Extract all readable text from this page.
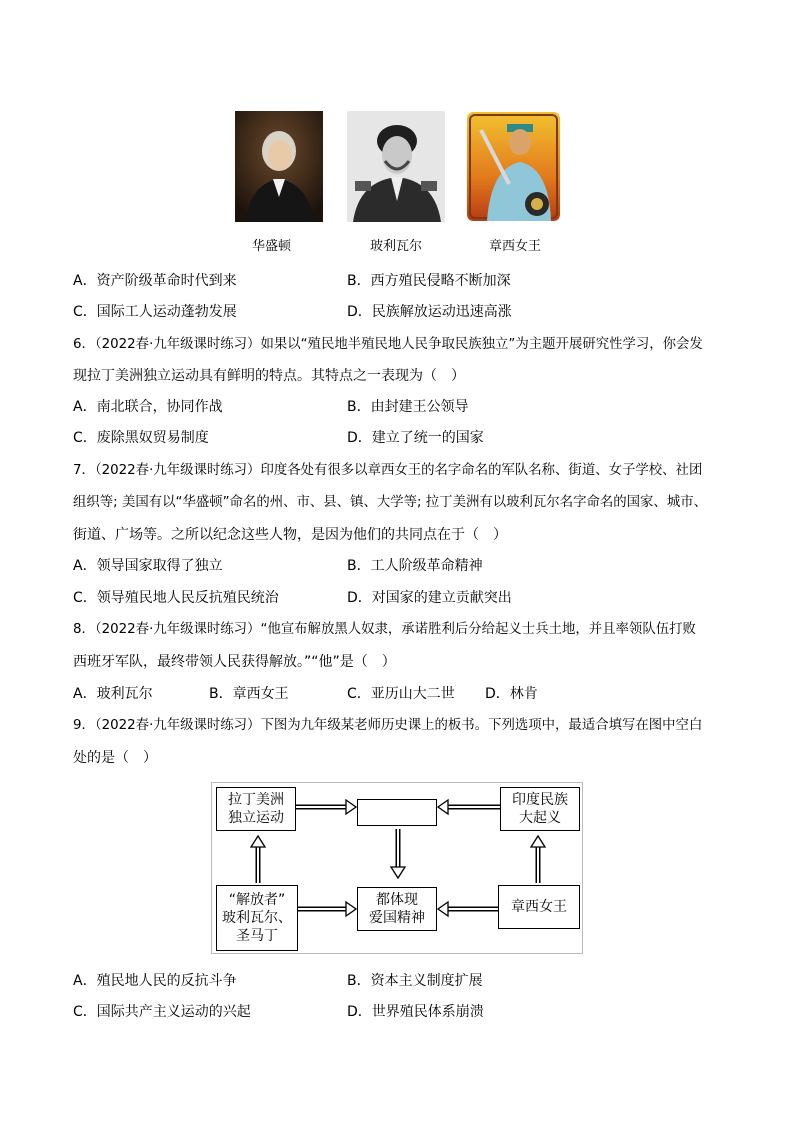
华盛顿	玻利瓦尔	章西女王
A．资产阶级革命时代到来	B．西方殖民侵略不断加深
C．国际工人运动蓬勃发展	D．民族解放运动迅速高涨
6．（2022春·九年级课时练习）如果以“殖民地半殖民地人民争取民族独立”为主题开展研究性学习，你会发
现拉丁美洲独立运动具有鲜明的特点。其特点之一表现为（　）
A．南北联合，协同作战	B．由封建王公领导
C．废除黑奴贸易制度	D．建立了统一的国家
7．（2022春·九年级课时练习）印度各处有很多以章西女王的名字命名的军队名称、街道、女子学校、社团
组织等; 美国有以“华盛顿”命名的州、市、县、镇、大学等; 拉丁美洲有以玻利瓦尔名字命名的国家、城市、
街道、广场等。之所以纪念这些人物，是因为他们的共同点在于（　）
A．领导国家取得了独立	B．工人阶级革命精神
C．领导殖民地人民反抗殖民统治	D．对国家的建立贡献突出
8．（2022春·九年级课时练习）“他宣布解放黑人奴隶，承诺胜利后分给起义士兵土地，并且率领队伍打败
西班牙军队，最终带领人民获得解放。”“他”是（　）
A．玻利瓦尔	B．章西女王	C．亚历山大二世 D．林肯
9．（2022春·九年级课时练习）下图为九年级某老师历史课上的板书。下列选项中，最适合填写在图中空白
处的是（　）
拉丁美洲
独立运动
印度民族
大起义
“解放者”
玻利瓦尔、
圣马丁
都体现
爱国精神
章西女王
A．殖民地人民的反抗斗争	B．资本主义制度扩展
C．国际共产主义运动的兴起	D．世界殖民体系崩溃
